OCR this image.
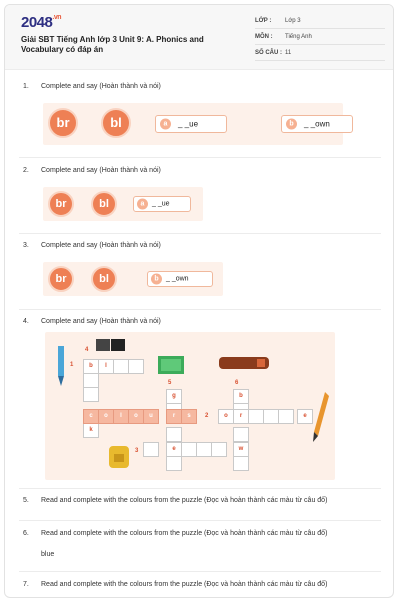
$2048^{.vn}$
Giải SBT Tiếng Anh lớp 3 Unit 9: A. Phonics and Vocabulary có đáp án
LỚP : Lớp 3
MÔN : Tiếng Anh
SỐ CÂU : 11
1. Complete and say (Hoàn thành và nói)
br	bl	a	_ _ue	b	_ _own
2. Complete and say (Hoàn thành và nói)
br	bl	a	_ _ue
3. Complete and say (Hoàn thành và nói)
br	bl	b	_ _own
4. Complete and say (Hoàn thành và nói)
4
1
5	6
2
3
b	l
k
g	b
c	o	l	o	u	r	s	o	r	e
e	w
5. Read and complete with the colours from the puzzle (Đọc và hoàn thành các màu từ câu đố)
6. Read and complete with the colours from the puzzle (Đọc và hoàn thành các màu từ câu đố)
blue
7. Read and complete with the colours from the puzzle (Đọc và hoàn thành các màu từ câu đố)
